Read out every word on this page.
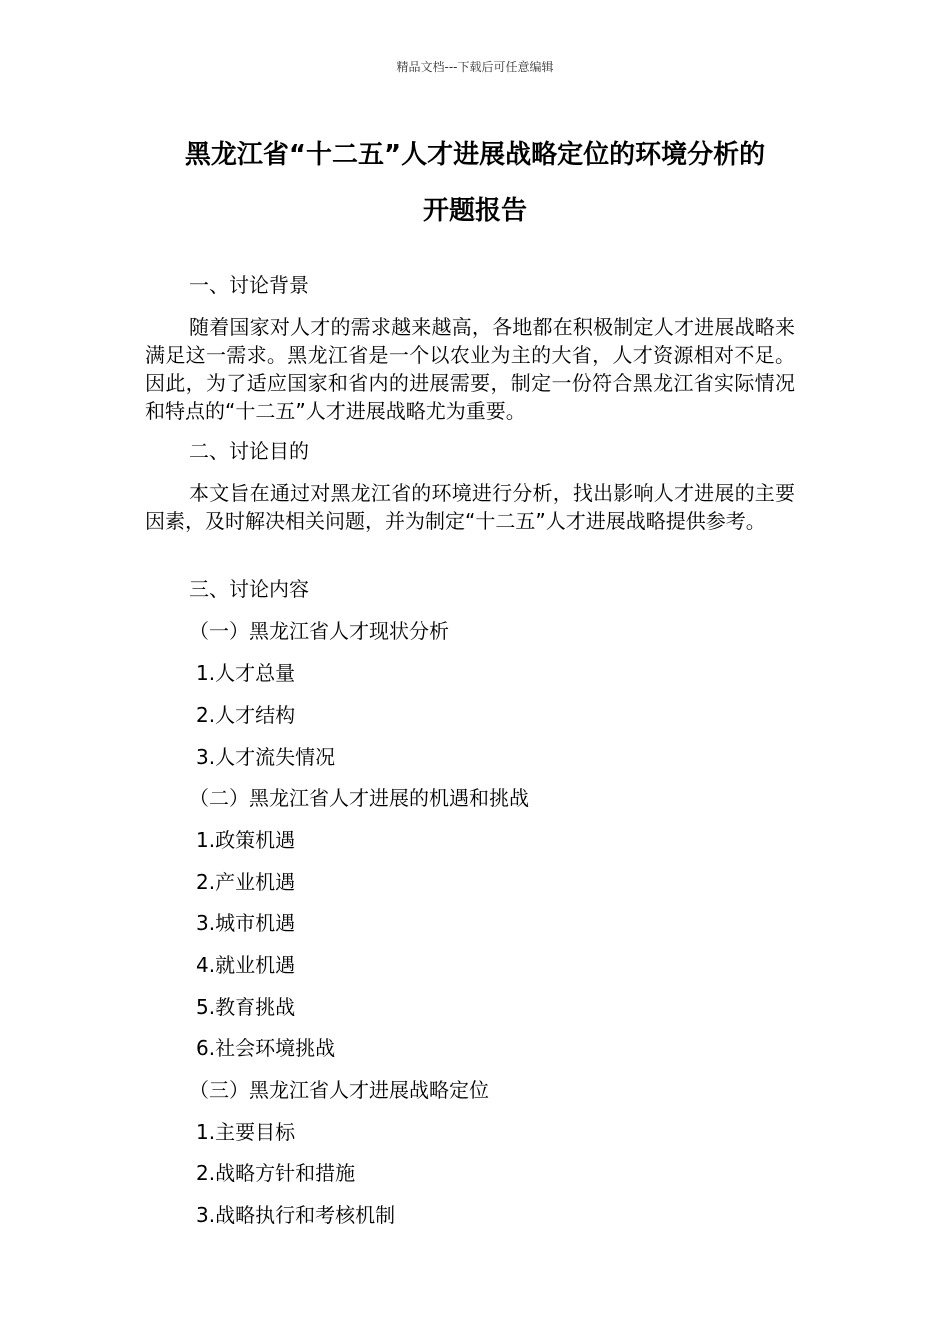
精品文档---下载后可任意编辑
黑龙江省“十二五”人才进展战略定位的环境分析的
开题报告
一、讨论背景
随着国家对人才的需求越来越高，各地都在积极制定人才进展战略来满足这一需求。黑龙江省是一个以农业为主的大省，人才资源相对不足。因此，为了适应国家和省内的进展需要，制定一份符合黑龙江省实际情况和特点的“十二五”人才进展战略尤为重要。
二、讨论目的
本文旨在通过对黑龙江省的环境进行分析，找出影响人才进展的主要因素，及时解决相关问题，并为制定“十二五”人才进展战略提供参考。
三、讨论内容
（一）黑龙江省人才现状分析
1.人才总量
2.人才结构
3.人才流失情况
（二）黑龙江省人才进展的机遇和挑战
1.政策机遇
2.产业机遇
3.城市机遇
4.就业机遇
5.教育挑战
6.社会环境挑战
（三）黑龙江省人才进展战略定位
1.主要目标
2.战略方针和措施
3.战略执行和考核机制
